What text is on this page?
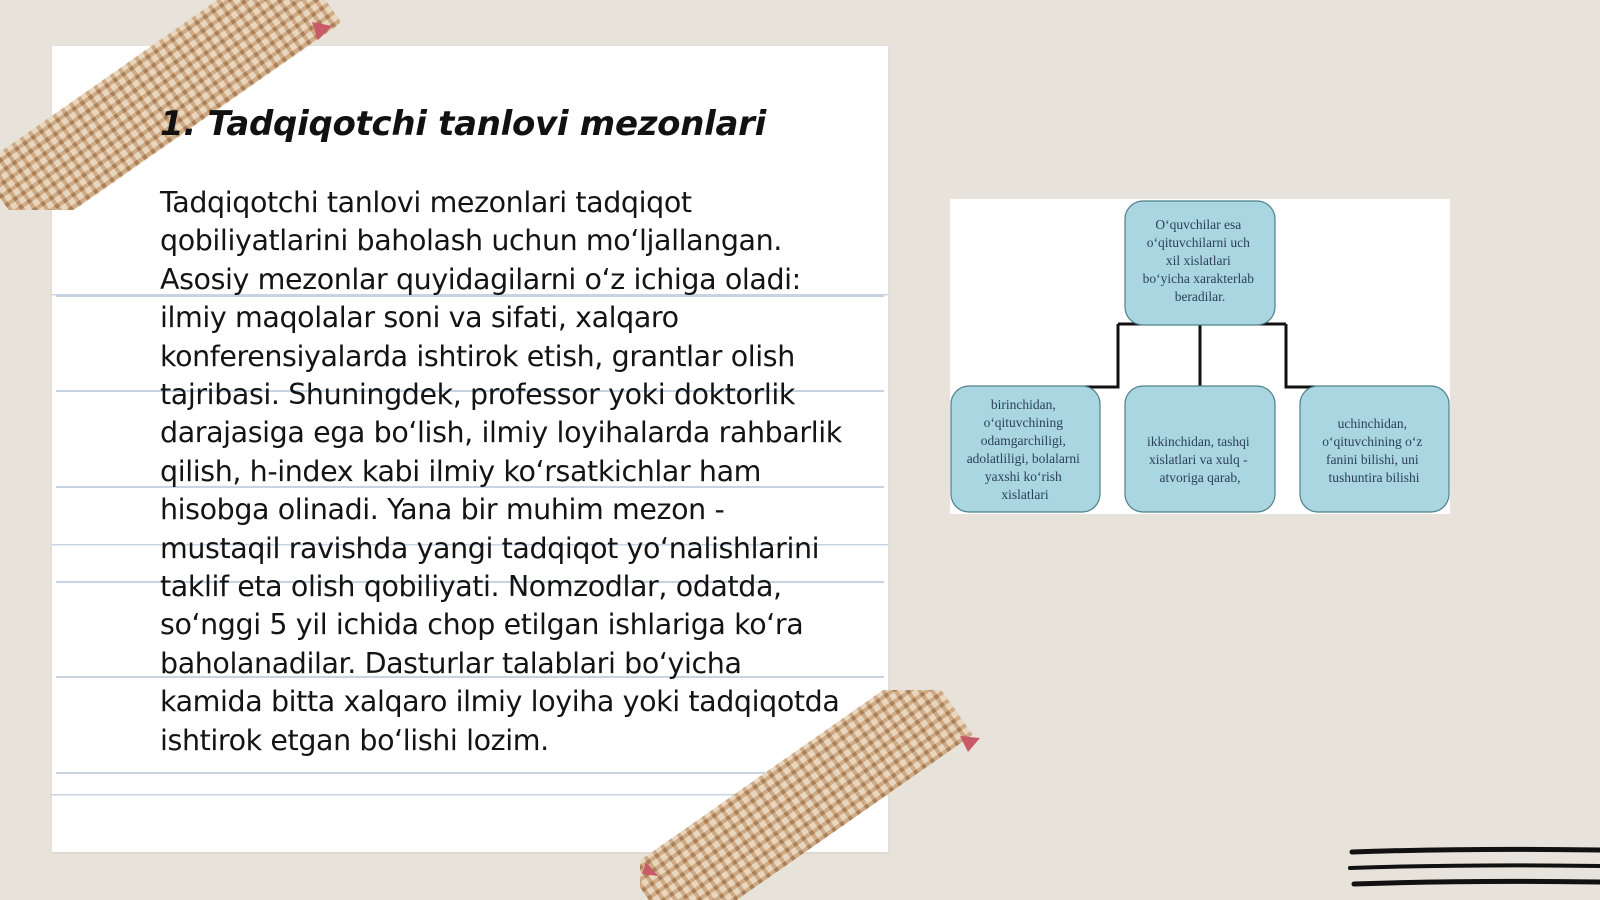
1. Tadqiqotchi tanlovi mezonlari

Tadqiqotchi tanlovi mezonlari tadqiqot qobiliyatlarini baholash uchun mo‘ljallangan. Asosiy mezonlar quyidagilarni o‘z ichiga oladi: ilmiy maqolalar soni va sifati, xalqaro konferensiyalarda ishtirok etish, grantlar olish tajribasi. Shuningdek, professor yoki doktorlik darajasiga ega bo‘lish, ilmiy loyihalarda rahbarlik qilish, h-index kabi ilmiy ko‘rsatkichlar ham hisobga olinadi. Yana bir muhim mezon - mustaqil ravishda yangi tadqiqot yo‘nalishlarini taklif eta olish qobiliyati. Nomzodlar, odatda, so‘nggi 5 yil ichida chop etilgan ishlariga ko‘ra baholanadilar. Dasturlar talablari bo‘yicha kamida bitta xalqaro ilmiy loyiha yoki tadqiqotda ishtirok etgan bo‘lishi lozim.

O‘quvchilar esa o‘qituvchilarni uch xil xislatlari bo‘yicha xarakterlab beradilar.
birinchidan, o‘qituvchining odamgarchiligi, adolatliligi, bolalarni yaxshi ko‘rish xislatlari
ikkinchidan, tashqi xislatlari va xulq - atvoriga qarab,
uchinchidan, o‘qituvchining o‘z fanini bilishi, uni tushuntira bilishi
